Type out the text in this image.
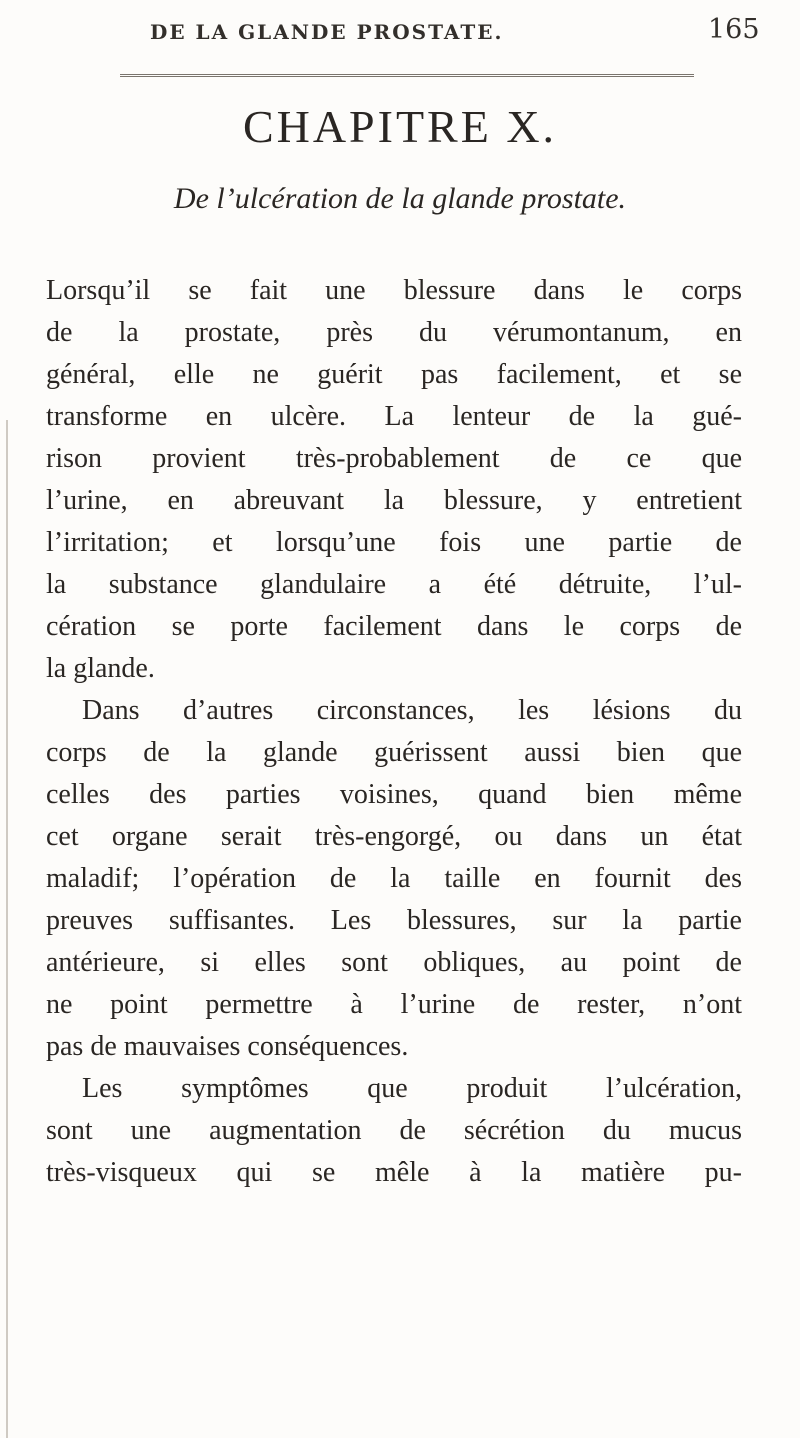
DE LA GLANDE PROSTATE.	165
CHAPITRE X.
De l’ulcération de la glande prostate.
Lorsqu’il se fait une blessure dans le corps
de la prostate, près du vérumontanum, en
général, elle ne guérit pas facilement, et se
transforme en ulcère. La lenteur de la gué-
rison provient très-probablement de ce que
l’urine, en abreuvant la blessure, y entretient
l’irritation; et lorsqu’une fois une partie de
la substance glandulaire a été détruite, l’ul-
cération se porte facilement dans le corps de
la glande.
Dans d’autres circonstances, les lésions du
corps de la glande guérissent aussi bien que
celles des parties voisines, quand bien même
cet organe serait très-engorgé, ou dans un état
maladif; l’opération de la taille en fournit des
preuves suffisantes. Les blessures, sur la partie
antérieure, si elles sont obliques, au point de
ne point permettre à l’urine de rester, n’ont
pas de mauvaises conséquences.
Les symptômes que produit l’ulcération,
sont une augmentation de sécrétion du mucus
très-visqueux qui se mêle à la matière pu-
